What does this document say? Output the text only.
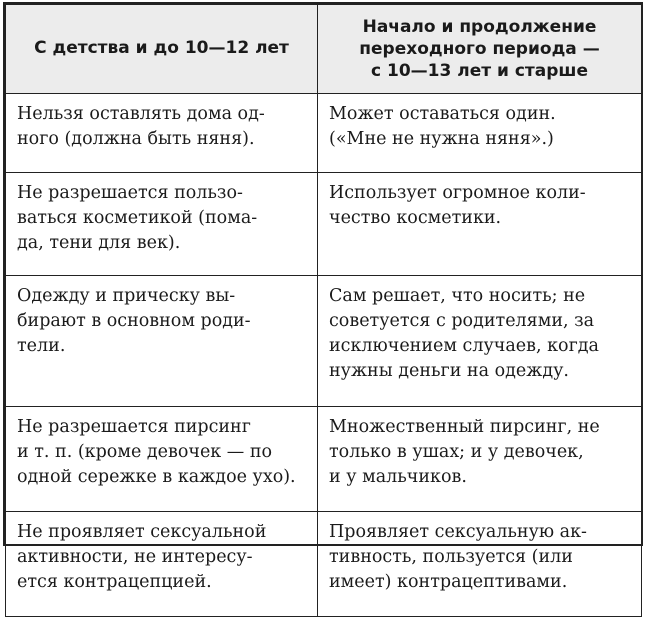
С детства и до 10—12 лет	Начало и продолжение
переходного периода —
с 10—13 лет и старше

Нельзя оставлять дома од-
ного (должна быть няня).	Может оставаться один.
(«Мне не нужна няня».)

Не разрешается пользо-
ваться косметикой (пома-
да, тени для век).	Использует огромное коли-
чество косметики.

Одежду и прическу вы-
бирают в основном роди-
тели.	Сам решает, что носить; не
советуется с родителями, за
исключением случаев, когда
нужны деньги на одежду.

Не разрешается пирсинг
и т. п. (кроме девочек — по
одной сережке в каждое ухо).	Множественный пирсинг, не
только в ушах; и у девочек,
и у мальчиков.

Не проявляет сексуальной
активности, не интересу-
ется контрацепцией.	Проявляет сексуальную ак-
тивность, пользуется (или
имеет) контрацептивами.
